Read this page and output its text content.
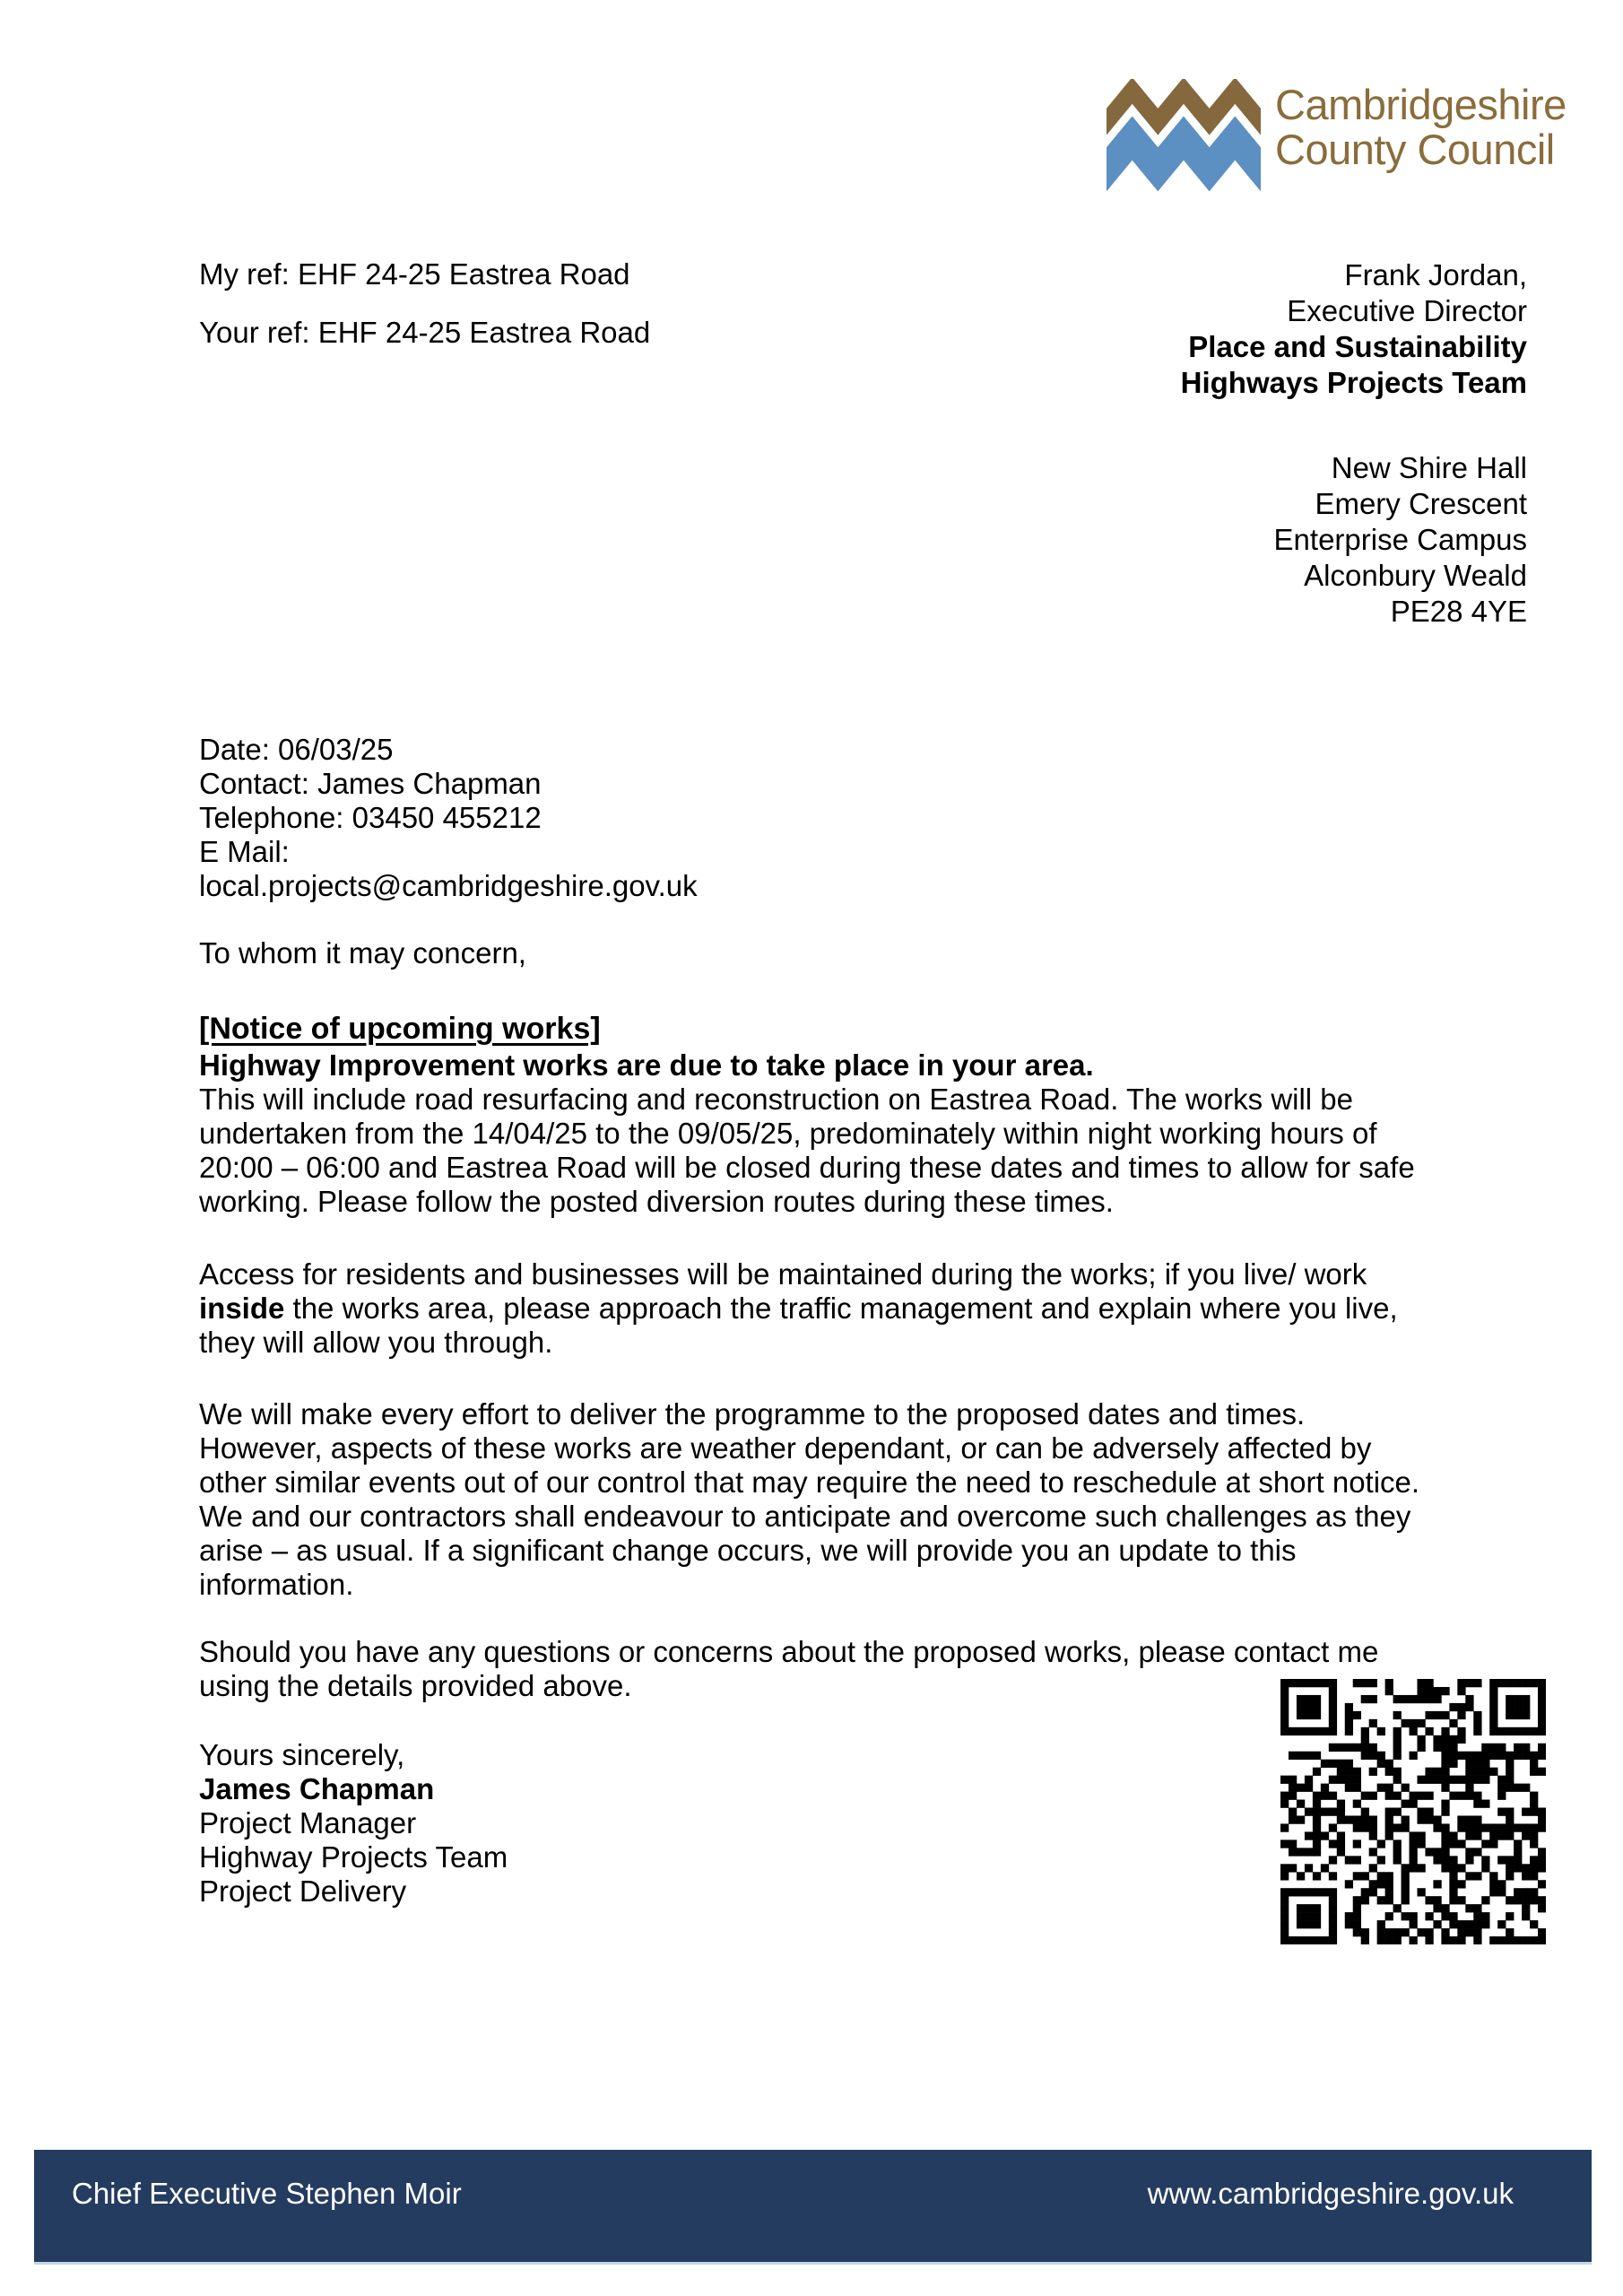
Cambridgeshire
County Council
My ref: EHF 24-25 Eastrea Road
Your ref: EHF 24-25 Eastrea Road
Frank Jordan,
Executive Director
Place and Sustainability
Highways Projects Team
New Shire Hall
Emery Crescent
Enterprise Campus
Alconbury Weald
PE28 4YE
Date: 06/03/25
Contact: James Chapman
Telephone: 03450 455212
E Mail:
local.projects@cambridgeshire.gov.uk
To whom it may concern,
[Notice of upcoming works]
Highway Improvement works are due to take place in your area.
This will include road resurfacing and reconstruction on Eastrea Road. The works will be
undertaken from the 14/04/25 to the 09/05/25, predominately within night working hours of
20:00 – 06:00 and Eastrea Road will be closed during these dates and times to allow for safe
working. Please follow the posted diversion routes during these times.
Access for residents and businesses will be maintained during the works; if you live/ work
inside the works area, please approach the traffic management and explain where you live,
they will allow you through.
We will make every effort to deliver the programme to the proposed dates and times.
However, aspects of these works are weather dependant, or can be adversely affected by
other similar events out of our control that may require the need to reschedule at short notice.
We and our contractors shall endeavour to anticipate and overcome such challenges as they
arise – as usual. If a significant change occurs, we will provide you an update to this
information.
Should you have any questions or concerns about the proposed works, please contact me
using the details provided above.
Yours sincerely,
James Chapman
Project Manager
Highway Projects Team
Project Delivery
Chief Executive Stephen Moir	www.cambridgeshire.gov.uk
